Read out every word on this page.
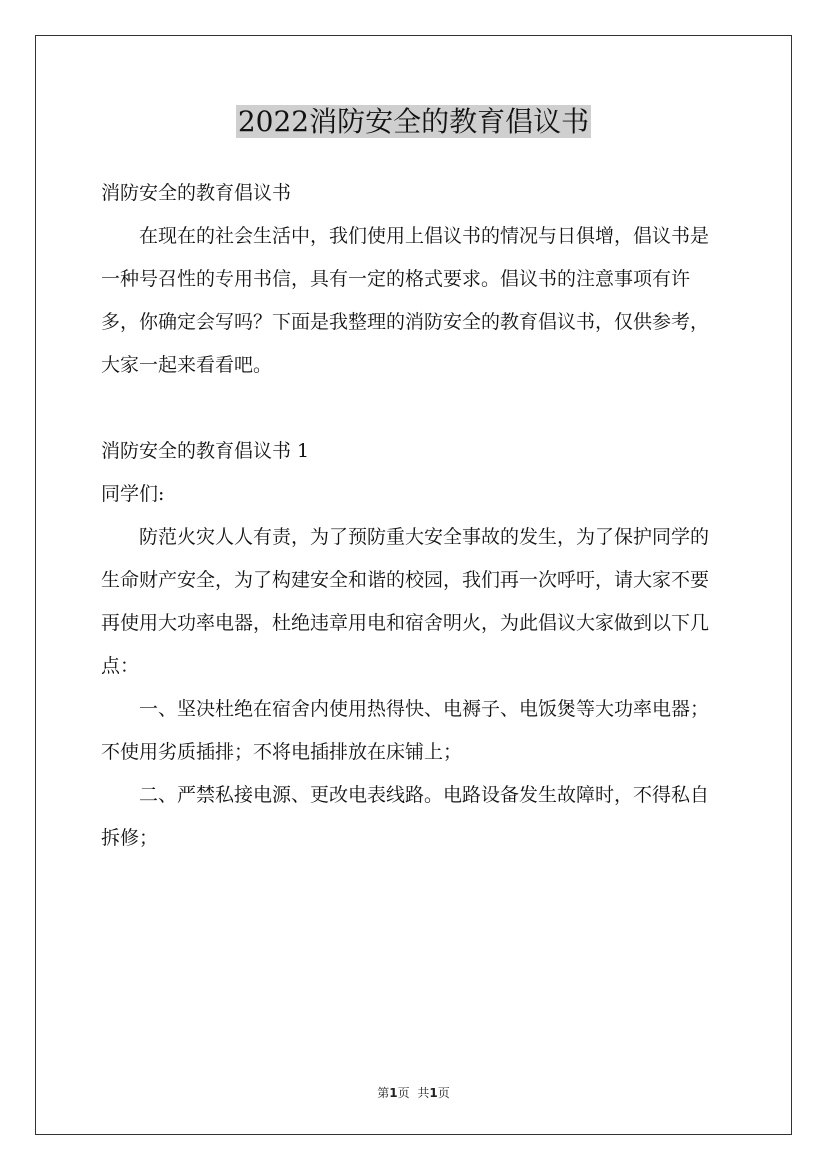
2022消防安全的教育倡议书

消防安全的教育倡议书

在现在的社会生活中，我们使用上倡议书的情况与日俱增，倡议书是一种号召性的专用书信，具有一定的格式要求。倡议书的注意事项有许多，你确定会写吗？下面是我整理的消防安全的教育倡议书，仅供参考，大家一起来看看吧。

消防安全的教育倡议书 1

同学们:

防范火灾人人有责，为了预防重大安全事故的发生，为了保护同学的生命财产安全，为了构建安全和谐的校园，我们再一次呼吁，请大家不要再使用大功率电器，杜绝违章用电和宿舍明火，为此倡议大家做到以下几点：

一、坚决杜绝在宿舍内使用热得快、电褥子、电饭煲等大功率电器；不使用劣质插排；不将电插排放在床铺上；

二、严禁私接电源、更改电表线路。电路设备发生故障时，不得私自拆修；

第1页 共1页
